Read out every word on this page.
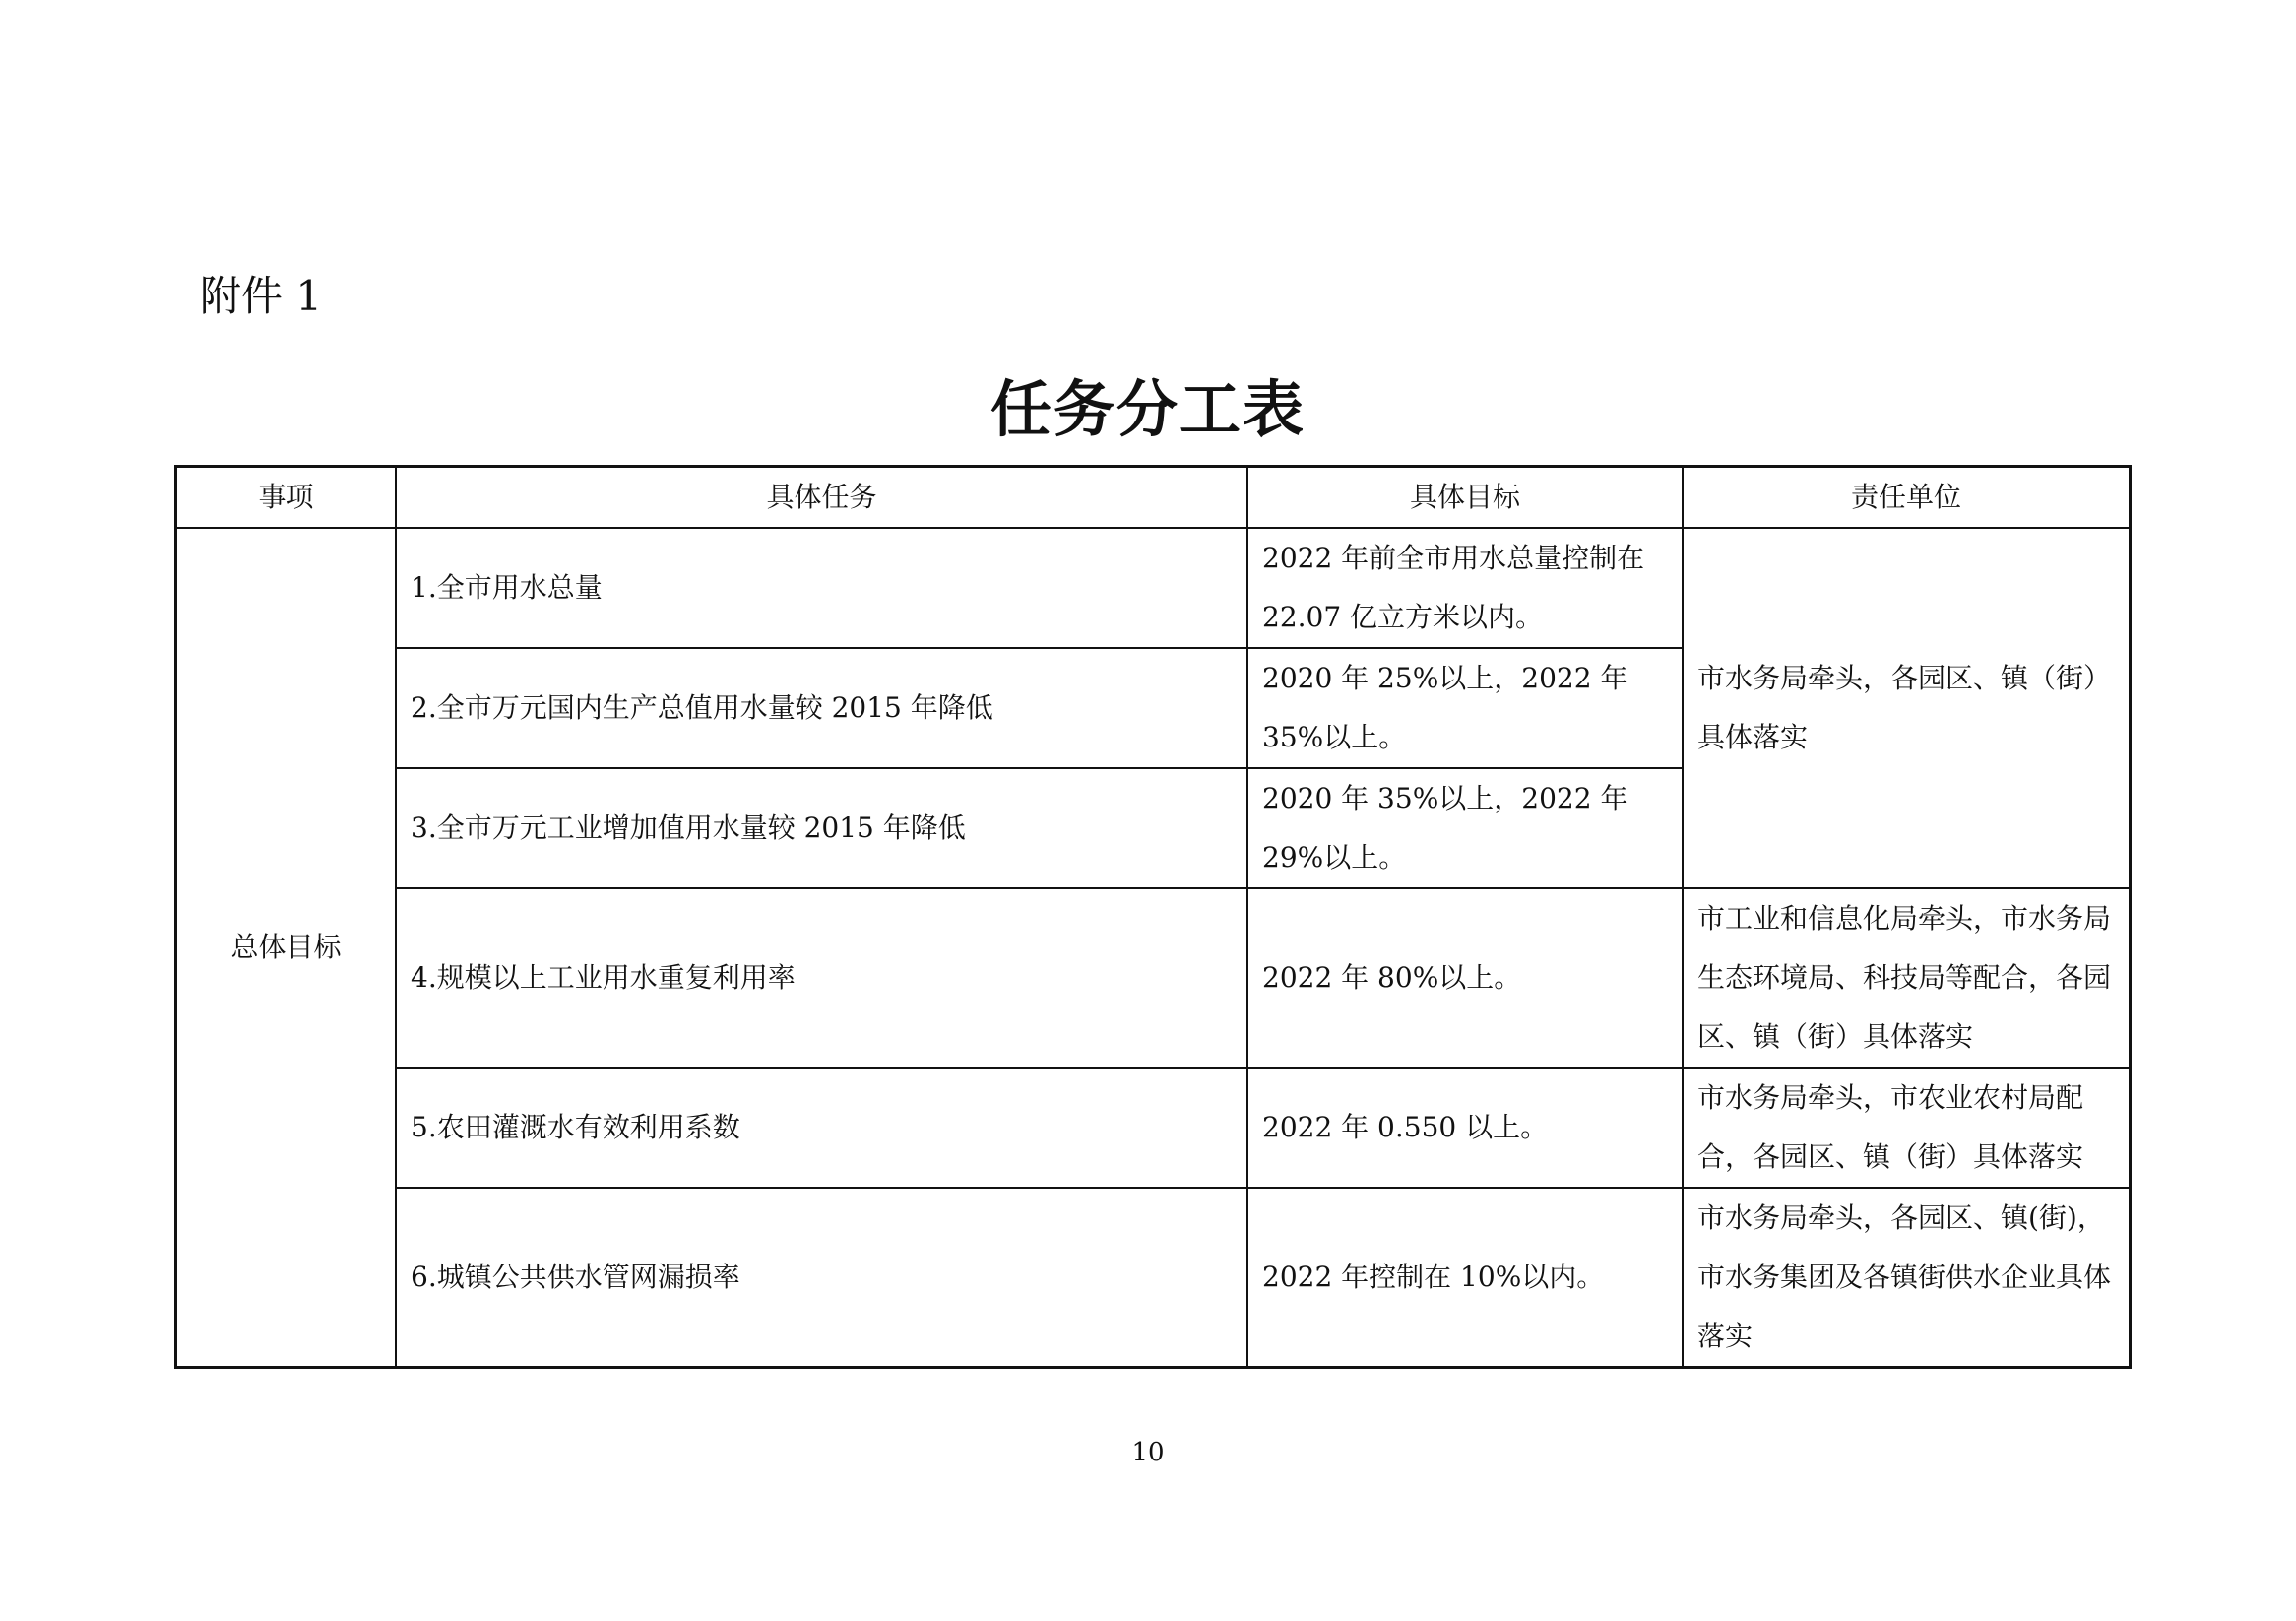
附件 1
任务分工表
事项	具体任务	具体目标	责任单位
总体目标	1.全市用水总量	2022 年前全市用水总量控制在 22.07 亿立方米以内。	市水务局牵头，各园区、镇（街）具体落实
	2.全市万元国内生产总值用水量较 2015 年降低	2020 年 25%以上，2022 年 35%以上。	
	3.全市万元工业增加值用水量较 2015 年降低	2020 年 35%以上，2022 年 29%以上。	
	4.规模以上工业用水重复利用率	2022 年 80%以上。	市工业和信息化局牵头，市水务局 生态环境局、科技局等配合，各园区、镇（街）具体落实
	5.农田灌溉水有效利用系数	2022 年 0.550 以上。	市水务局牵头，市农业农村局配合，各园区、镇（街）具体落实
	6.城镇公共供水管网漏损率	2022 年控制在 10%以内。	市水务局牵头，各园区、镇(街)，市水务集团及各镇街供水企业具体落实
10
